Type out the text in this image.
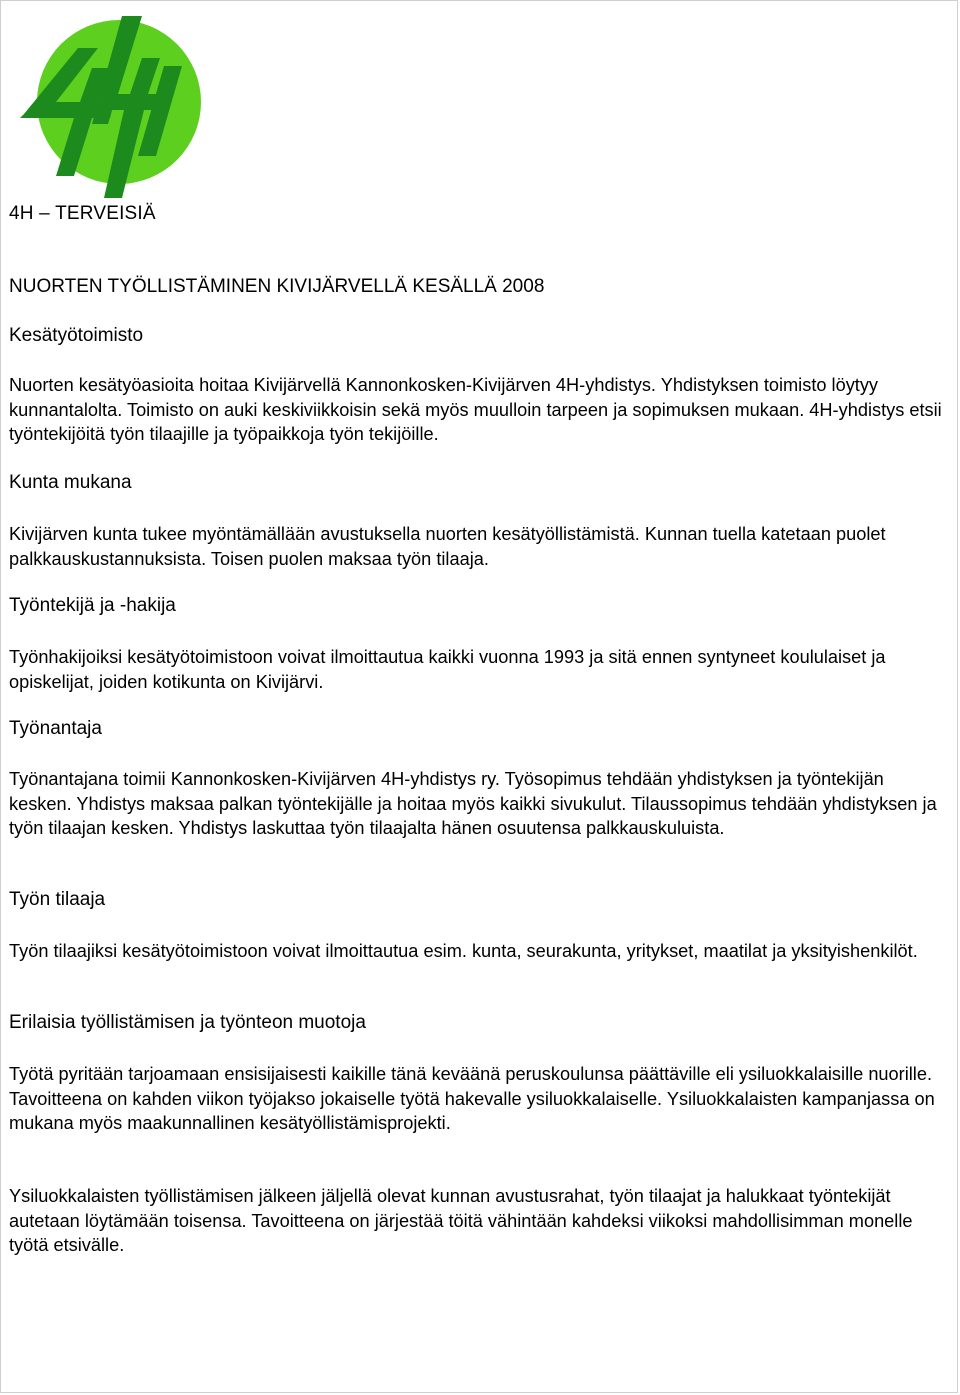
4H – TERVEISIÄ
NUORTEN TYÖLLISTÄMINEN KIVIJÄRVELLÄ KESÄLLÄ 2008
Kesätyötoimisto

Nuorten kesätyöasioita hoitaa Kivijärvellä Kannonkosken-Kivijärven 4H-yhdistys. Yhdistyksen toimisto löytyy kunnantalolta. Toimisto on auki keskiviikkoisin sekä myös muulloin tarpeen ja sopimuksen mukaan. 4H-yhdistys etsii työntekijöitä työn tilaajille ja työpaikkoja työn tekijöille.

Kunta mukana

Kivijärven kunta tukee myöntämällään avustuksella nuorten kesätyöllistämistä. Kunnan tuella katetaan puolet palkkauskustannuksista. Toisen puolen maksaa työn tilaaja.

Työntekijä ja -hakija

Työnhakijoiksi kesätyötoimistoon voivat ilmoittautua kaikki vuonna 1993 ja sitä ennen syntyneet koululaiset ja opiskelijat, joiden kotikunta on Kivijärvi.

Työnantaja

Työnantajana toimii Kannonkosken-Kivijärven 4H-yhdistys ry. Työsopimus tehdään yhdistyksen ja työntekijän kesken. Yhdistys maksaa palkan työntekijälle ja hoitaa myös kaikki sivukulut. Tilaussopimus tehdään yhdistyksen ja työn tilaajan kesken. Yhdistys laskuttaa työn tilaajalta hänen osuutensa palkkauskuluista.

Työn tilaaja

Työn tilaajiksi kesätyötoimistoon voivat ilmoittautua esim. kunta, seurakunta, yritykset, maatilat ja yksityishenkilöt.

Erilaisia työllistämisen ja työnteon muotoja

Työtä pyritään tarjoamaan ensisijaisesti kaikille tänä keväänä peruskoulunsa päättäville eli ysiluokkalaisille nuorille. Tavoitteena on kahden viikon työjakso jokaiselle työtä hakevalle ysiluokkalaiselle. Ysiluokkalaisten kampanjassa on mukana myös maakunnallinen kesätyöllistämisprojekti.

Ysiluokkalaisten työllistämisen jälkeen jäljellä olevat kunnan avustusrahat, työn tilaajat ja halukkaat työntekijät autetaan löytämään toisensa. Tavoitteena on järjestää töitä vähintään kahdeksi viikoksi mahdollisimman monelle työtä etsivälle.
